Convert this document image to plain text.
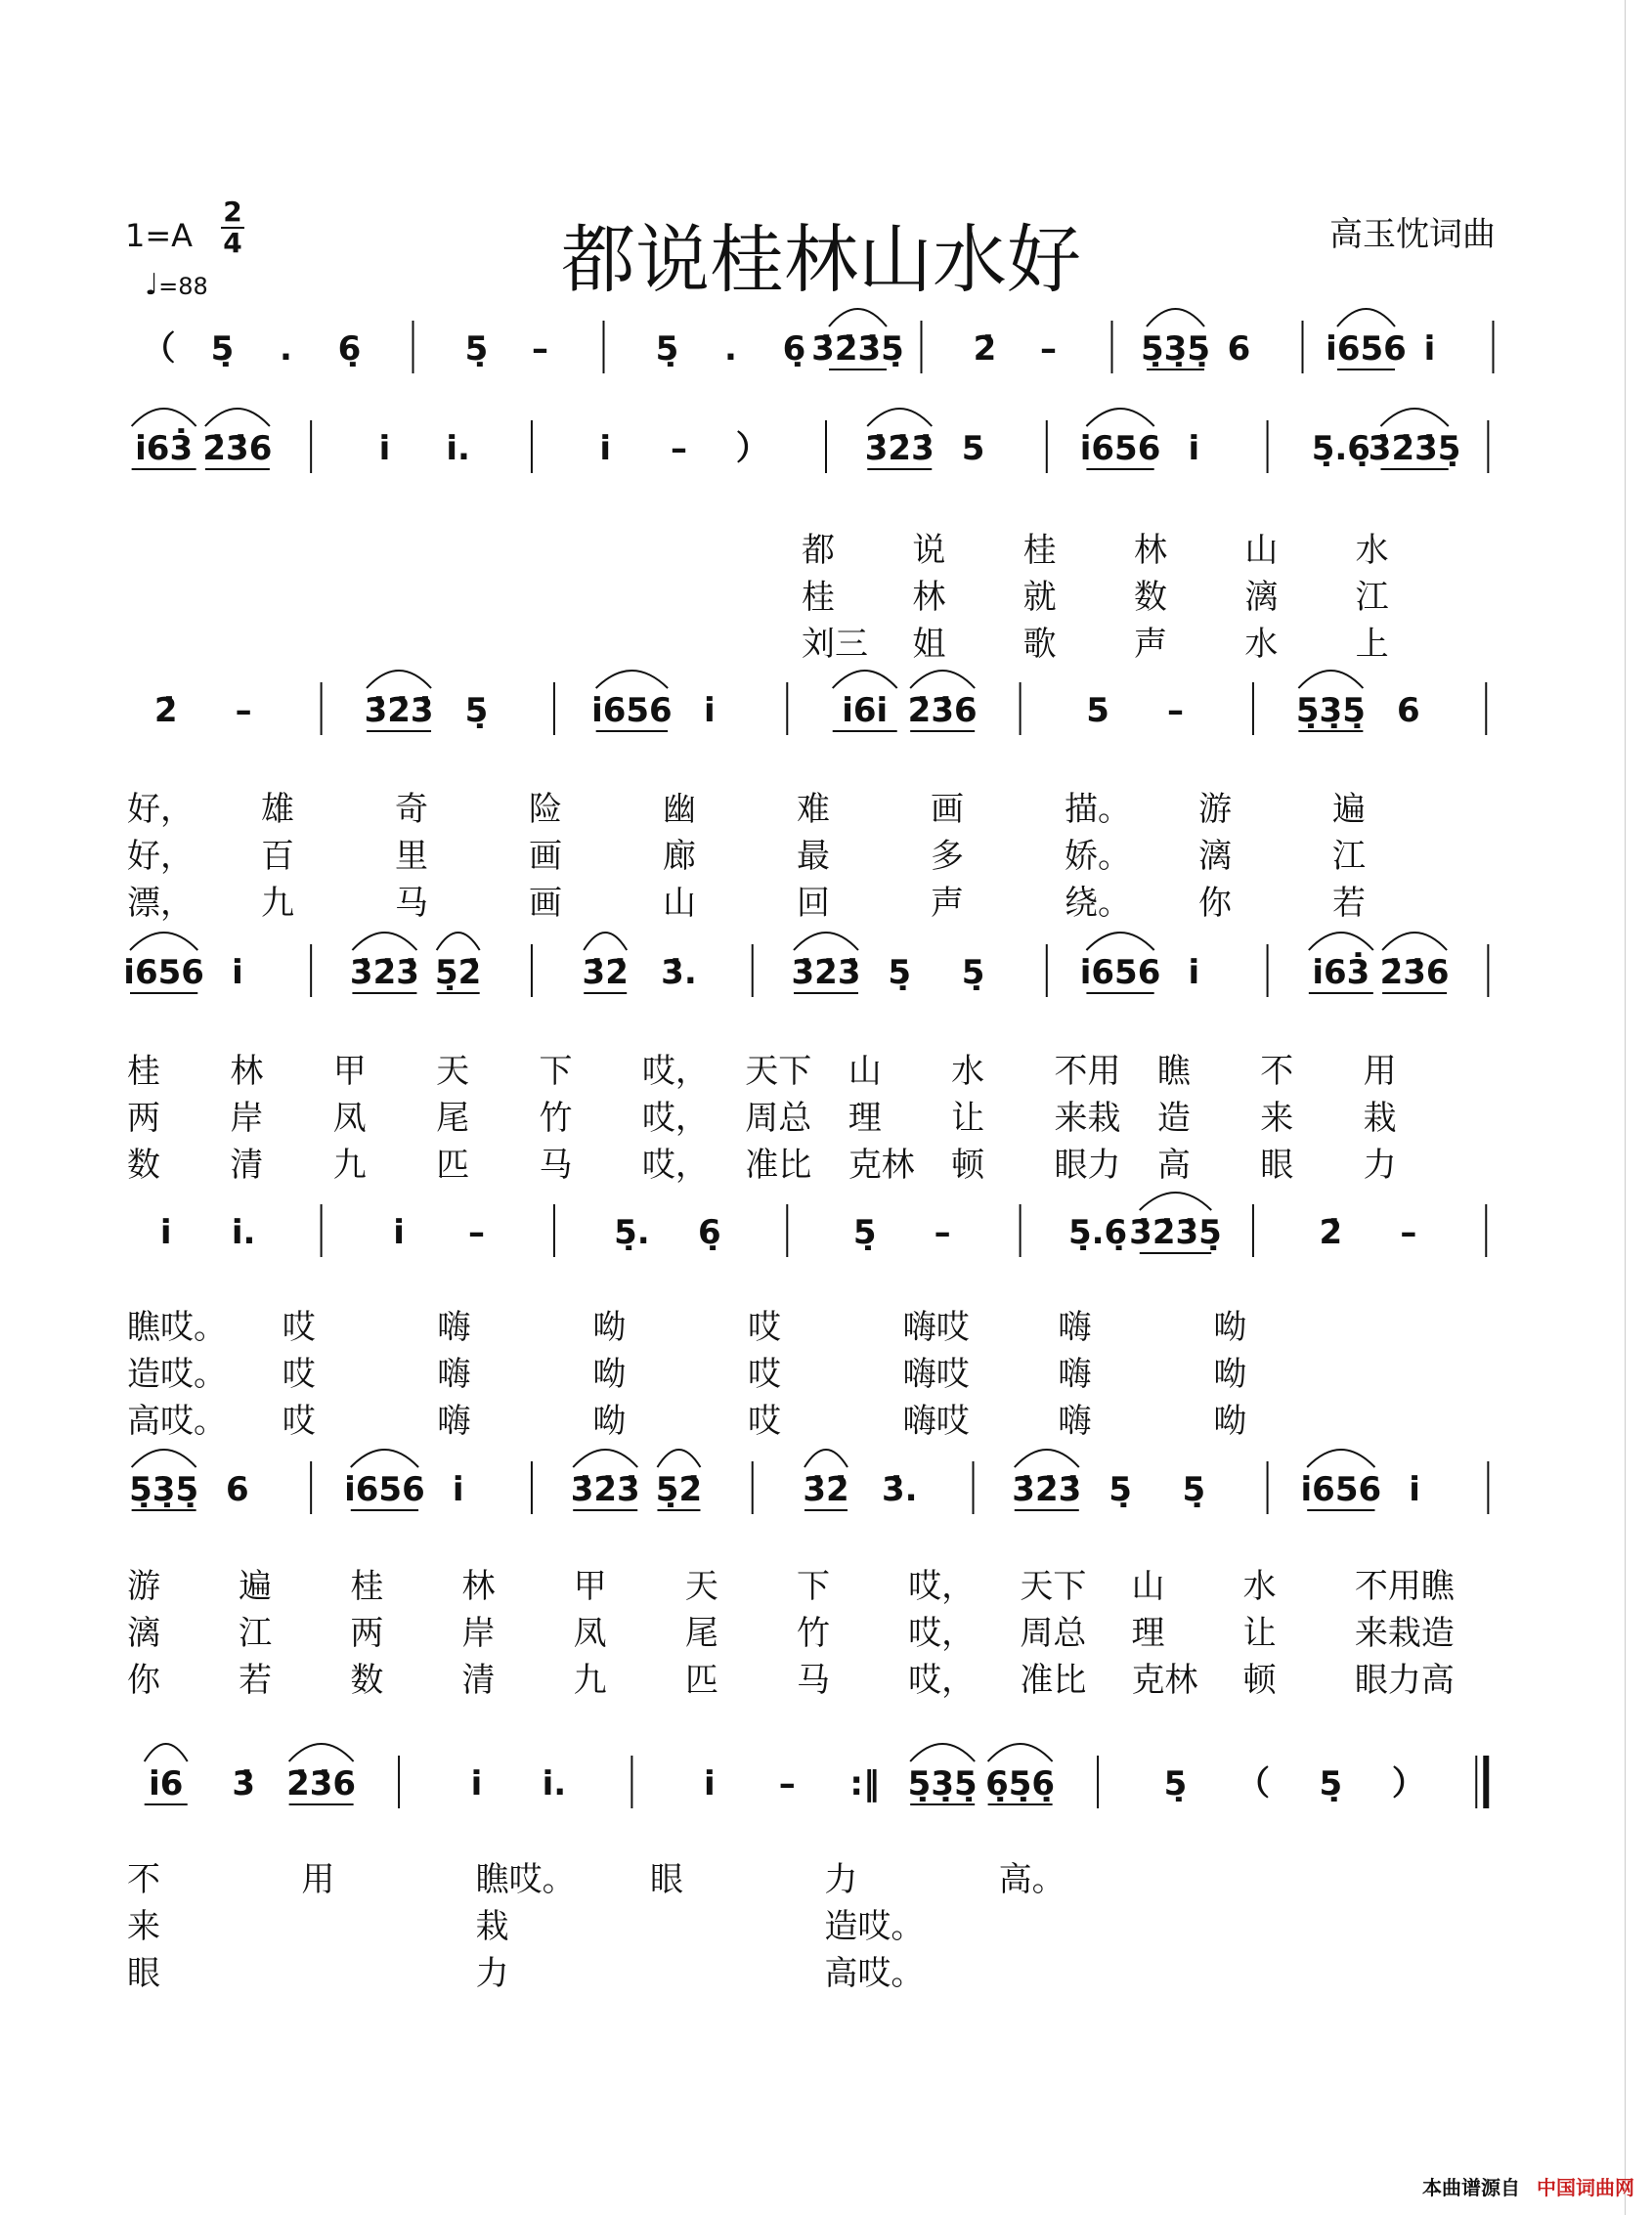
$1=A \frac{2}{4}$
♩=88	都说桂林山水好	高玉忱词曲
（ 5̣ . 6̣	5̣ –	5̣ . 6̣ 3̇2̇3̇5̣ 2̇ –	5̣3̣5̣ 6 i̇656 i̇
i̇63̇ 2̇3̇6	i̇ i̇.	i̇ – ）	3̇2̇3̇ 5	i̇656 i̇	5̣.6̣
3̇2̇3̇5̣
2̇ –	3̇2̇3̇ 5̣	i̇656 i̇	i̇6i̇ 2̇3̇6	5 –	5̣3̣5̣ 6
i̇656 i̇	3̇2̇3̇ 5̣2̇	3̇2̇ 3̇.	3̇2̇3̇ 5̣ 5̣	i̇656 i̇	i̇63̇ 2̇3̇6
i̇ i̇.	i̇ –	5̣. 6̣	5̣ –	5̣.6̣ 3̇2̇3̇5̣	2̇ –
5̣3̣5̣ 6	i̇656 i̇	3̇2̇3̇ 5̣2̇	3̇2̇ 3̇.	3̇2̇3̇ 5̣ 5̣	i̇656 i̇
i̇6 3̇ 2̇3̇6	i̇ i̇.	i̇ – :‖ 5̣3̣5̣ 6̣5̣6̣	5̣ （ 5̣ ）
都 说 桂 林 山 水
桂 林 就 数 漓 江
刘三 姐 歌 声 水 上
好， 雄	奇	险	幽	难	画	描。 游	遍
好， 百	里	画	廊	最	多	娇。 漓	江
漂， 九	马	画	山	回	声	绕。 你	若
桂 林 甲 天 下 哎， 天下 山 水 不用 瞧 不 用
两 岸 凤 尾 竹 哎， 周总 理 让 来栽 造 来 栽
数 清 九 匹 马 哎， 准比 克林 顿 眼力 高 眼 力
瞧哎。 哎	嗨	呦	哎	嗨哎	嗨	呦
造哎。 哎	嗨	呦	哎	嗨哎	嗨	呦
高哎。 哎	嗨	呦	哎	嗨哎	嗨	呦
游 遍 桂 林 甲 天 下 哎， 天下 山 水 不用瞧
漓 江 两 岸 凤 尾 竹 哎， 周总 理 让 来栽造
你 若 数 清 九 匹 马 哎， 准比 克林 顿 眼力高
不	用	瞧哎。 眼	力	高。
来	栽	造哎。
眼	力	高哎。
本曲谱源自 中国词曲网
